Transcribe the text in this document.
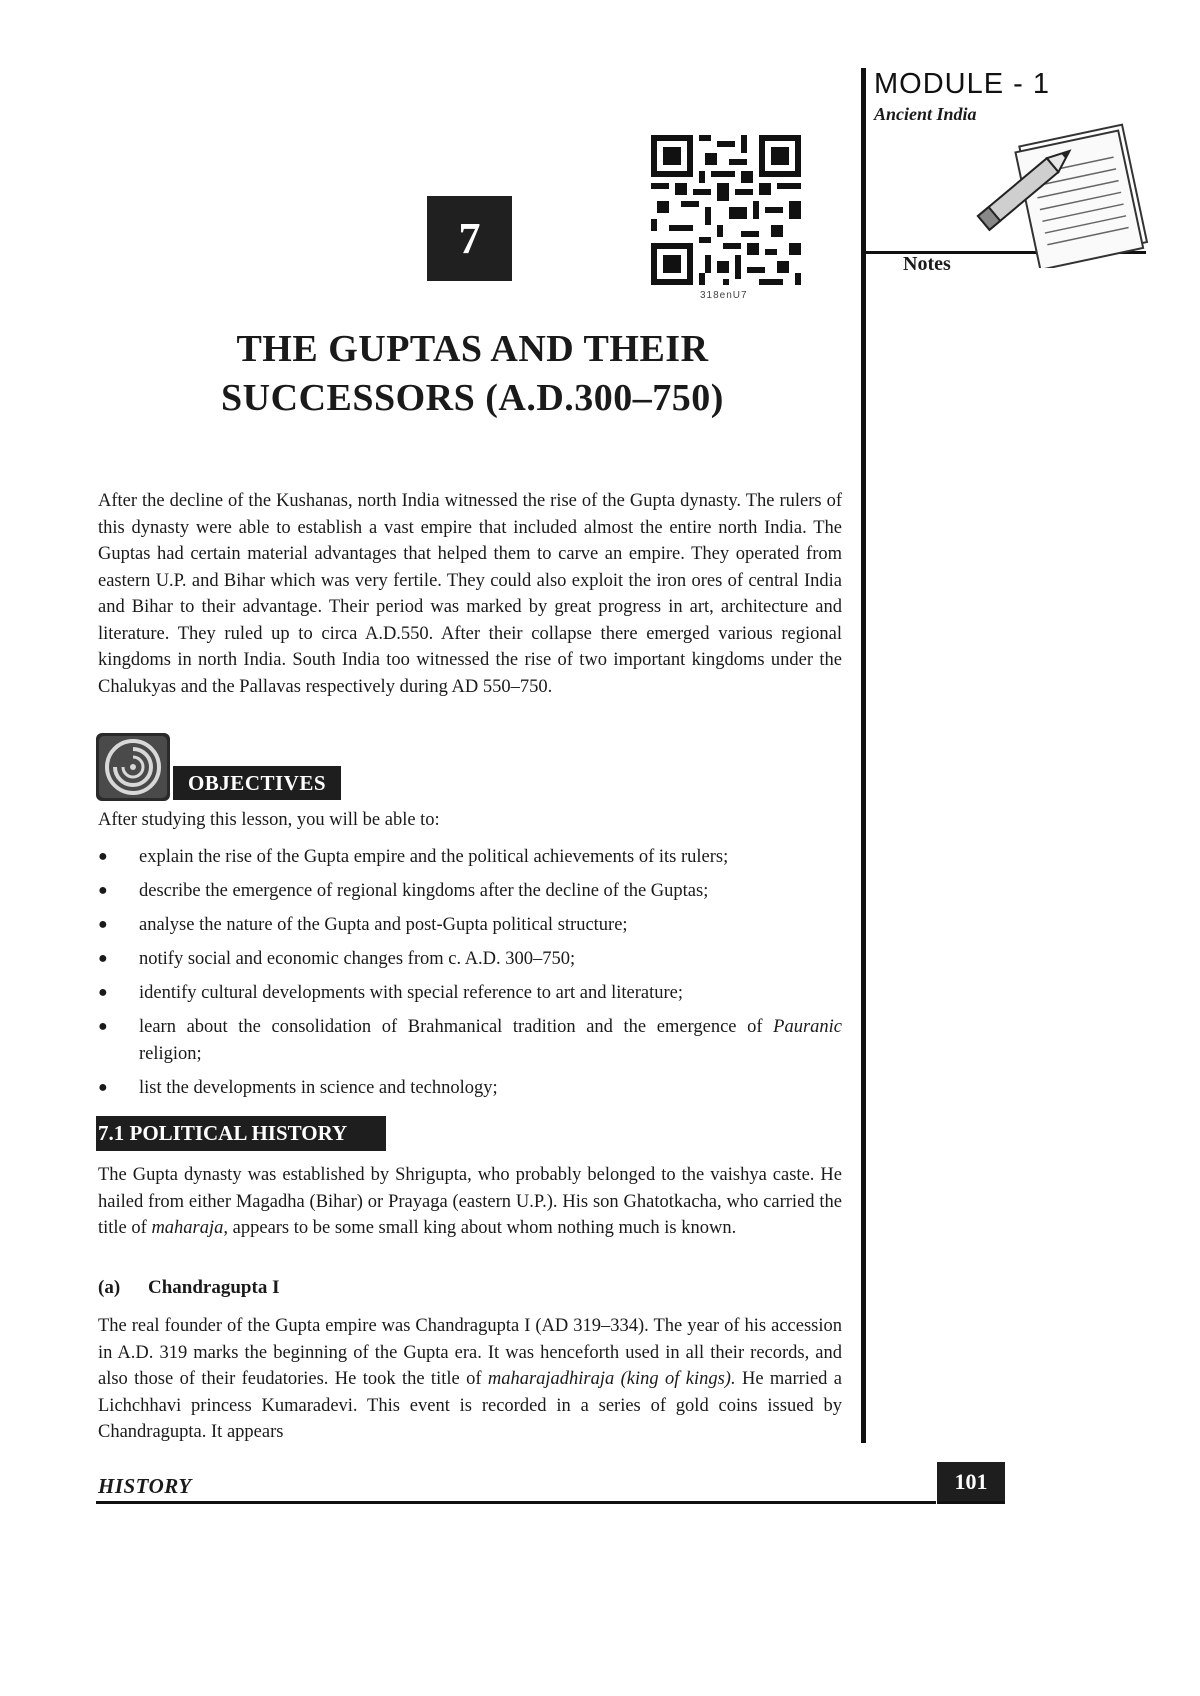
MODULE - 1
Ancient India
Notes
7
318enU7
THE GUPTAS AND THEIR
SUCCESSORS (A.D.300–750)

After the decline of the Kushanas, north India witnessed the rise of the Gupta dynasty. The rulers of this dynasty were able to establish a vast empire that included almost the entire north India. The Guptas had certain material advantages that helped them to carve an empire. They operated from eastern U.P. and Bihar which was very fertile. They could also exploit the iron ores of central India and Bihar to their advantage. Their period was marked by great progress in art, architecture and literature. They ruled up to circa A.D.550. After their collapse there emerged various regional kingdoms in north India. South India too witnessed the rise of two important kingdoms under the Chalukyas and the Pallavas respectively during AD 550–750.

OBJECTIVES
After studying this lesson, you will be able to:
● explain the rise of the Gupta empire and the political achievements of its rulers;
● describe the emergence of regional kingdoms after the decline of the Guptas;
● analyse the nature of the Gupta and post-Gupta political structure;
● notify social and economic changes from c. A.D. 300–750;
● identify cultural developments with special reference to art and literature;
● learn about the consolidation of Brahmanical tradition and the emergence of Pauranic religion;
● list the developments in science and technology;
7.1 POLITICAL HISTORY

The Gupta dynasty was established by Shrigupta, who probably belonged to the vaishya caste. He hailed from either Magadha (Bihar) or Prayaga (eastern U.P.). His son Ghatotkacha, who carried the title of maharaja, appears to be some small king about whom nothing much is known.

(a) Chandragupta I

The real founder of the Gupta empire was Chandragupta I (AD 319–334). The year of his accession in A.D. 319 marks the beginning of the Gupta era. It was henceforth used in all their records, and also those of their feudatories. He took the title of maharajadhiraja (king of kings). He married a Lichchhavi princess Kumaradevi. This event is recorded in a series of gold coins issued by Chandragupta. It appears

HISTORY	101
